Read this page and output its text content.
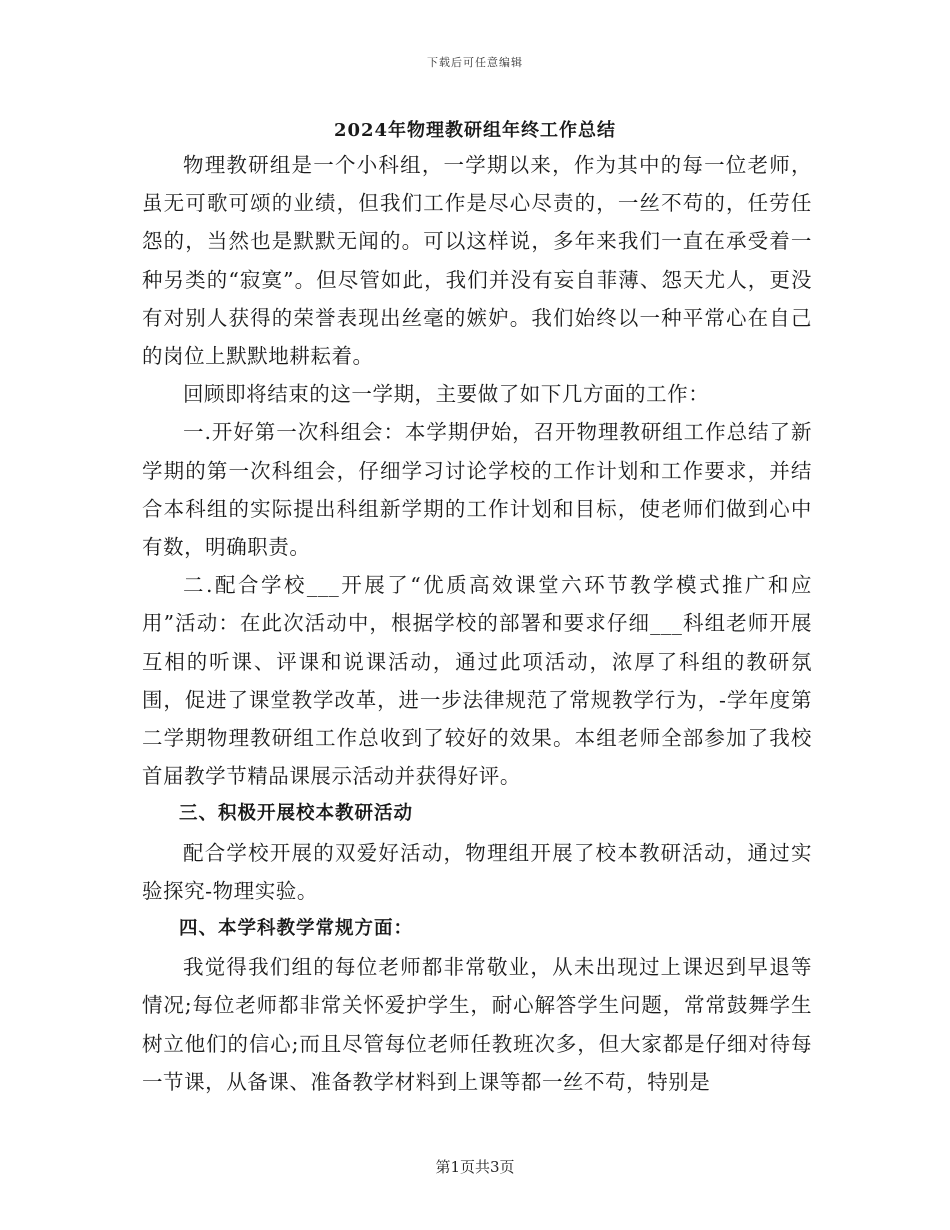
下载后可任意编辑
2024年物理教研组年终工作总结

物理教研组是一个小科组，一学期以来，作为其中的每一位老师，虽无可歌可颂的业绩，但我们工作是尽心尽责的，一丝不苟的，任劳任怨的，当然也是默默无闻的。可以这样说，多年来我们一直在承受着一种另类的“寂寞”。但尽管如此，我们并没有妄自菲薄、怨天尤人，更没有对别人获得的荣誉表现出丝毫的嫉妒。我们始终以一种平常心在自己的岗位上默默地耕耘着。

回顾即将结束的这一学期，主要做了如下几方面的工作：

一.开好第一次科组会：本学期伊始，召开物理教研组工作总结了新学期的第一次科组会，仔细学习讨论学校的工作计划和工作要求，并结合本科组的实际提出科组新学期的工作计划和目标，使老师们做到心中有数，明确职责。

二.配合学校___开展了“优质高效课堂六环节教学模式推广和应用”活动：在此次活动中，根据学校的部署和要求仔细___科组老师开展互相的听课、评课和说课活动，通过此项活动，浓厚了科组的教研氛围，促进了课堂教学改革，进一步法律规范了常规教学行为，-学年度第二学期物理教研组工作总收到了较好的效果。本组老师全部参加了我校首届教学节精品课展示活动并获得好评。

三、积极开展校本教研活动

配合学校开展的双爱好活动，物理组开展了校本教研活动，通过实验探究-物理实验。

四、本学科教学常规方面：

我觉得我们组的每位老师都非常敬业，从未出现过上课迟到早退等情况;每位老师都非常关怀爱护学生，耐心解答学生问题，常常鼓舞学生树立他们的信心;而且尽管每位老师任教班次多，但大家都是仔细对待每一节课，从备课、准备教学材料到上课等都一丝不苟，特别是

第1页共3页
